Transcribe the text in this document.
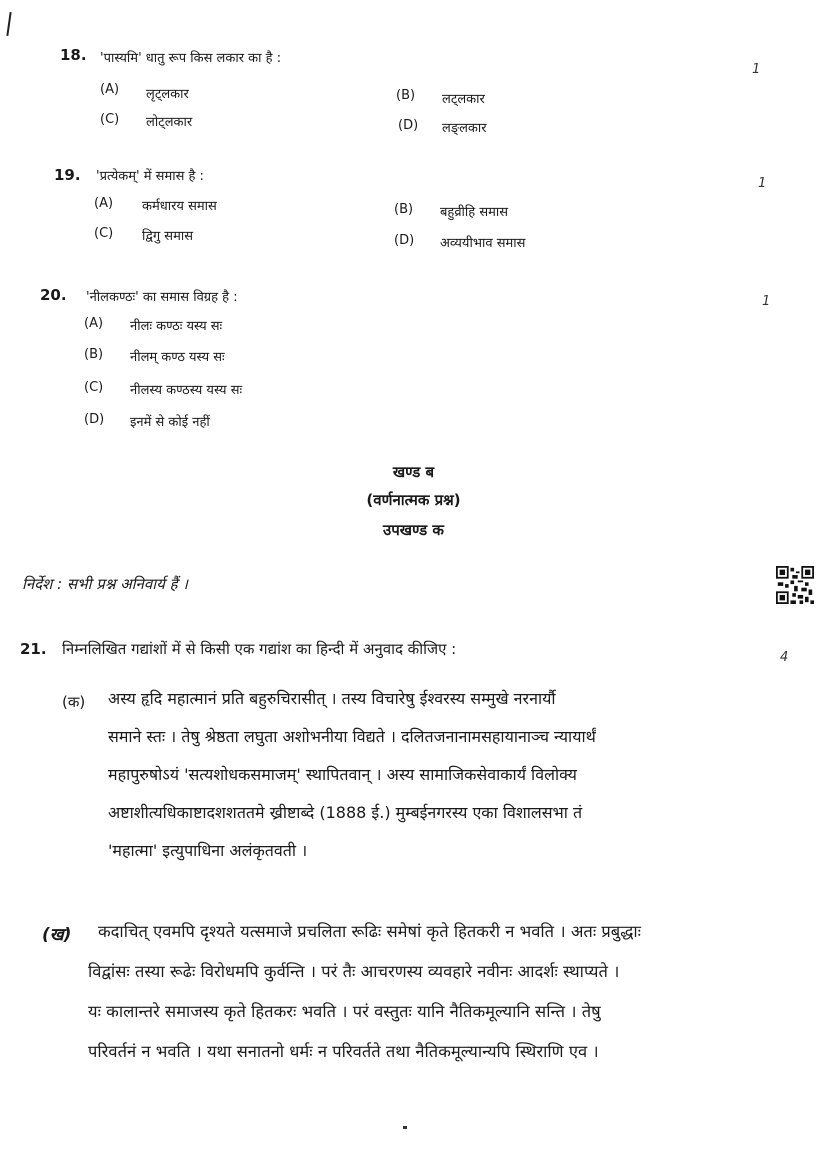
18. 'पास्यमि' धातु रूप किस लकार का है :
1
(A) लृट्लकार	(B) लट्लकार
(C) लोट्लकार	(D) लङ्लकार
19. 'प्रत्येकम्' में समास है :	1
(A) कर्मधारय समास	(B) बहुव्रीहि समास
(C) द्विगु समास	(D) अव्ययीभाव समास
20. 'नीलकण्ठः' का समास विग्रह है :	1
(A) नीलः कण्ठः यस्य सः
(B) नीलम् कण्ठ यस्य सः
(C) नीलस्य कण्ठस्य यस्य सः
(D) इनमें से कोई नहीं
खण्ड ब
(वर्णनात्मक प्रश्न)
उपखण्ड क
निर्देश : सभी प्रश्न अनिवार्य हैं ।
21. निम्नलिखित गद्यांशों में से किसी एक गद्यांश का हिन्दी में अनुवाद कीजिए :	4
(क) अस्य हृदि महात्मानं प्रति बहुरुचिरासीत् । तस्य विचारेषु ईश्वरस्य सम्मुखे नरनार्यौ
समाने स्तः । तेषु श्रेष्ठता लघुता अशोभनीया विद्यते । दलितजनानामसहायानाञ्च न्यायार्थं
महापुरुषोऽयं 'सत्यशोधकसमाजम्' स्थापितवान् । अस्य सामाजिकसेवाकार्यं विलोक्य
अष्टाशीत्यधिकाष्टादशशततमे ख्रीष्टाब्दे (1888 ई.) मुम्बईनगरस्य एका विशालसभा तं
'महात्मा' इत्युपाधिना अलंकृतवती ।
(ख)	कदाचित् एवमपि दृश्यते यत्समाजे प्रचलिता रूढिः समेषां कृते हितकरी न भवति । अतः प्रबुद्धाः
विद्वांसः तस्या रूढेः विरोधमपि कुर्वन्ति । परं तैः आचरणस्य व्यवहारे नवीनः आदर्शः स्थाप्यते ।
यः कालान्तरे समाजस्य कृते हितकरः भवति । परं वस्तुतः यानि नैतिकमूल्यानि सन्ति । तेषु
परिवर्तनं न भवति । यथा सनातनो धर्मः न परिवर्तते तथा नैतिकमूल्यान्यपि स्थिराणि एव ।
